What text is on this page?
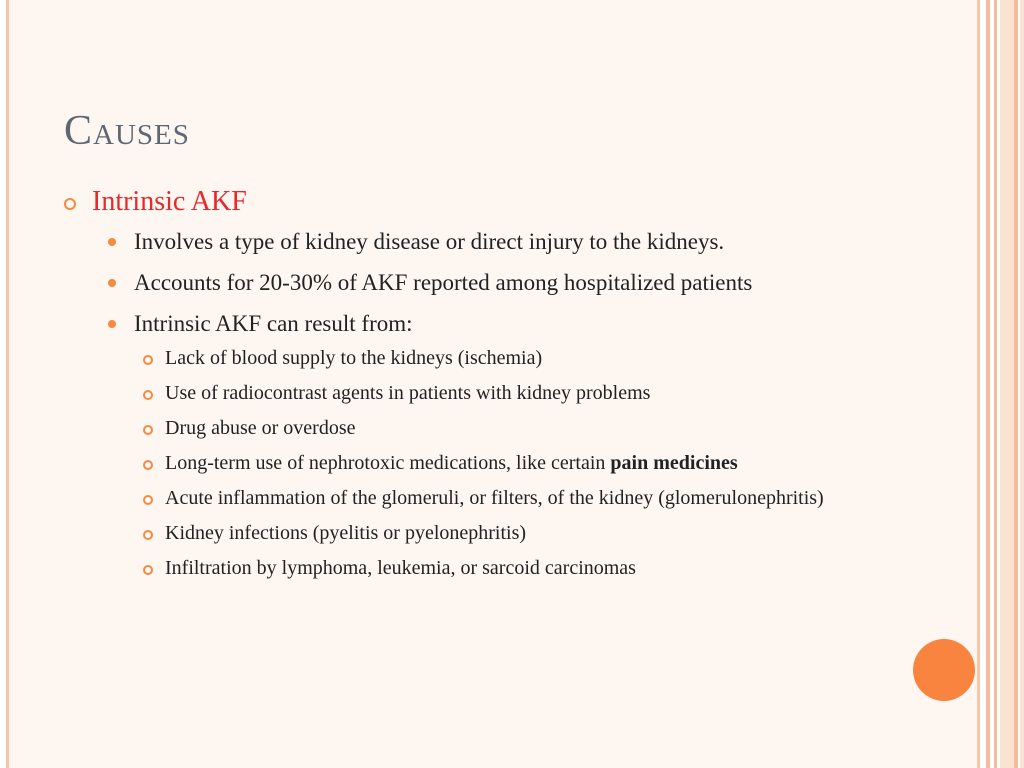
Causes
Intrinsic AKF
Involves a type of kidney disease or direct injury to the kidneys.
Accounts for 20-30% of AKF reported among hospitalized patients
Intrinsic AKF can result from:
Lack of blood supply to the kidneys (ischemia)
Use of radiocontrast agents in patients with kidney problems
Drug abuse or overdose
Long-term use of nephrotoxic medications, like certain pain medicines
Acute inflammation of the glomeruli, or filters, of the kidney (glomerulonephritis)
Kidney infections (pyelitis or pyelonephritis)
Infiltration by lymphoma, leukemia, or sarcoid carcinomas
